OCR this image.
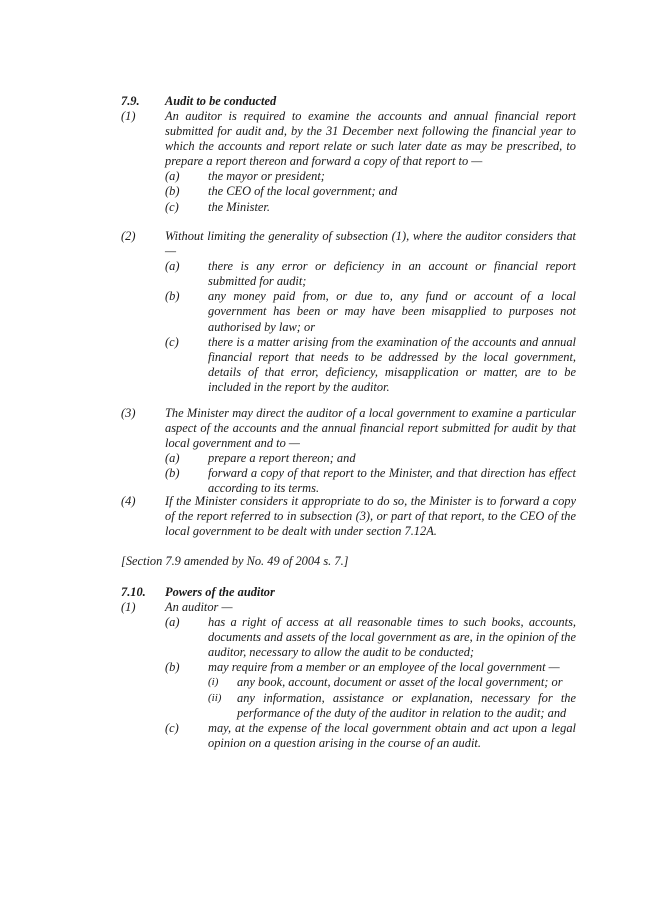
7.9. Audit to be conducted
(1) An auditor is required to examine the accounts and annual financial report submitted for audit and, by the 31 December next following the financial year to which the accounts and report relate or such later date as may be prescribed, to prepare a report thereon and forward a copy of that report to —
(a) the mayor or president;
(b) the CEO of the local government; and
(c) the Minister.
(2) Without limiting the generality of subsection (1), where the auditor considers that —
(a) there is any error or deficiency in an account or financial report submitted for audit;
(b) any money paid from, or due to, any fund or account of a local government has been or may have been misapplied to purposes not authorised by law; or
(c) there is a matter arising from the examination of the accounts and annual financial report that needs to be addressed by the local government, details of that error, deficiency, misapplication or matter, are to be included in the report by the auditor.
(3) The Minister may direct the auditor of a local government to examine a particular aspect of the accounts and the annual financial report submitted for audit by that local government and to —
(a) prepare a report thereon; and
(b) forward a copy of that report to the Minister, and that direction has effect according to its terms.
(4) If the Minister considers it appropriate to do so, the Minister is to forward a copy of the report referred to in subsection (3), or part of that report, to the CEO of the local government to be dealt with under section 7.12A.
[Section 7.9 amended by No. 49 of 2004 s. 7.]
7.10. Powers of the auditor
(1) An auditor —
(a) has a right of access at all reasonable times to such books, accounts, documents and assets of the local government as are, in the opinion of the auditor, necessary to allow the audit to be conducted;
(b) may require from a member or an employee of the local government —
(i) any book, account, document or asset of the local government; or
(ii) any information, assistance or explanation, necessary for the performance of the duty of the auditor in relation to the audit; and
(c) may, at the expense of the local government obtain and act upon a legal opinion on a question arising in the course of an audit.
